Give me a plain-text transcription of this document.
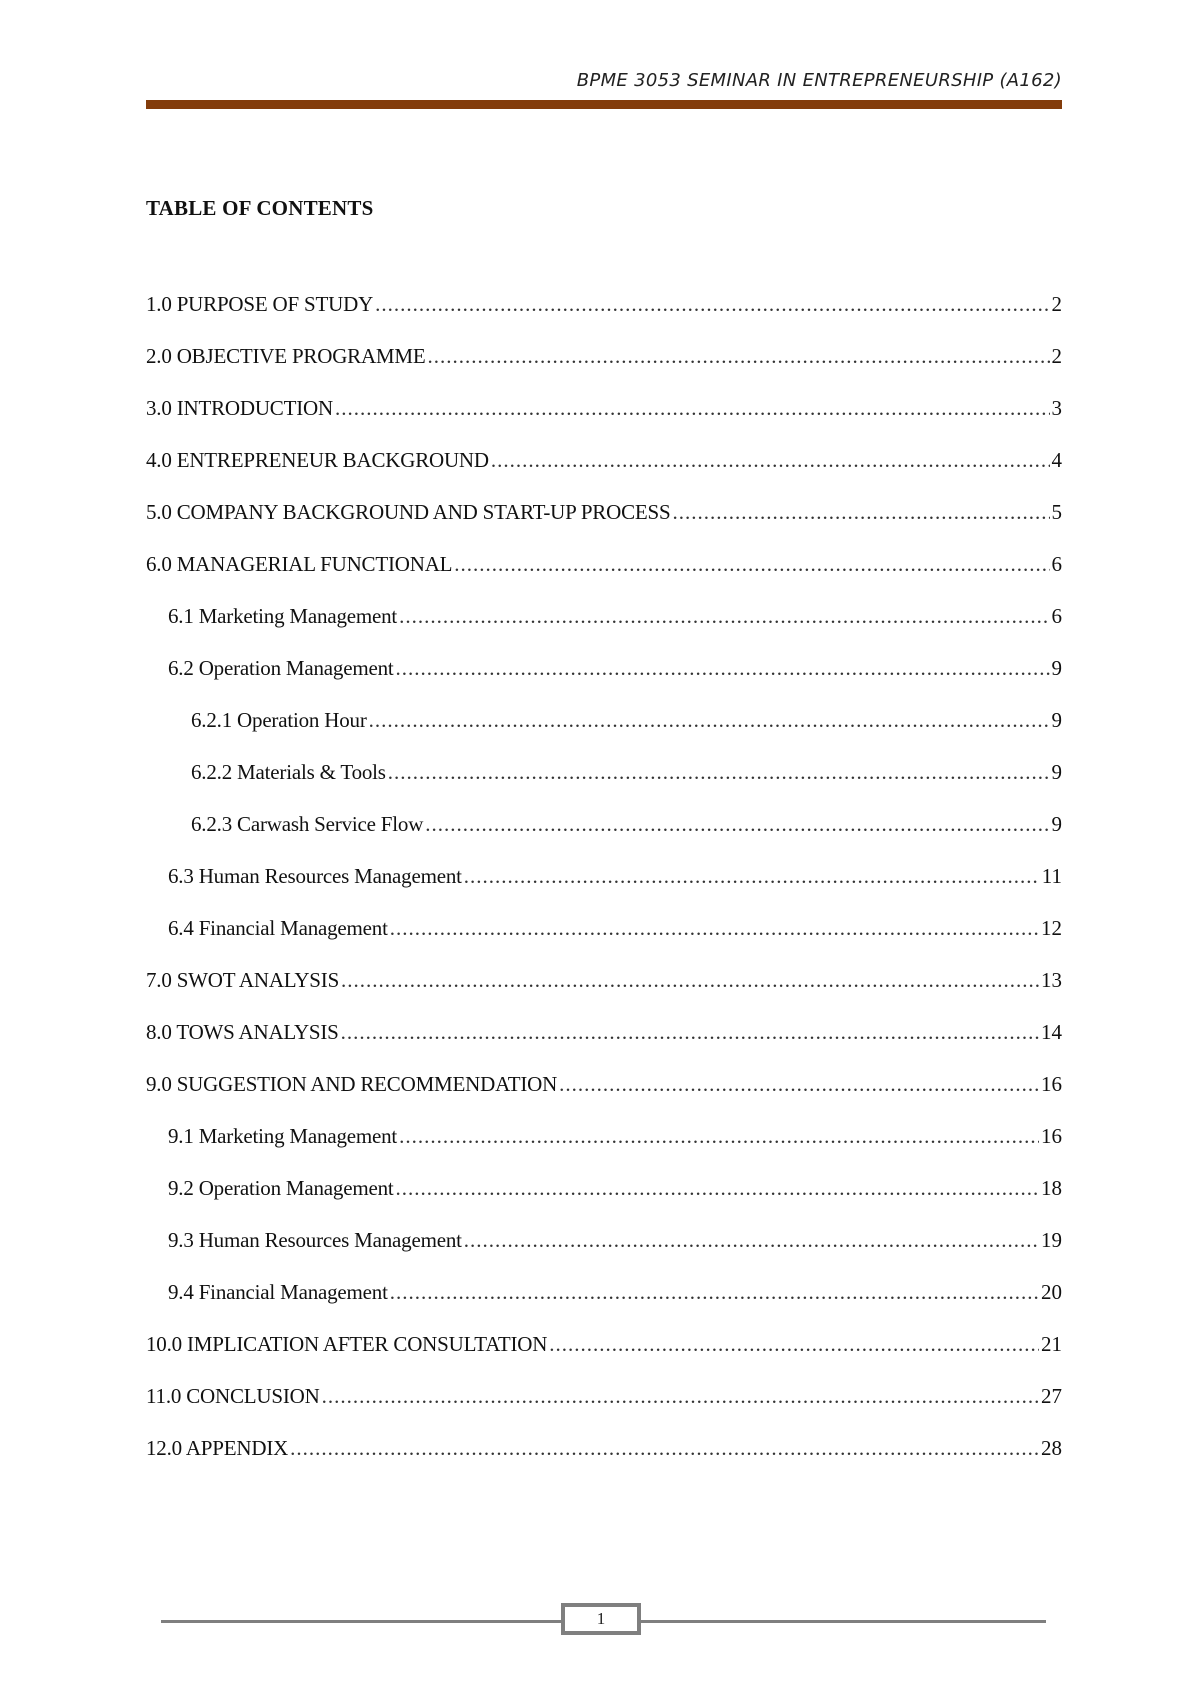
BPME 3053 SEMINAR IN ENTREPRENEURSHIP (A162)
TABLE OF CONTENTS
1.0 PURPOSE OF STUDY .....	2
2.0 OBJECTIVE PROGRAMME .....	2
3.0 INTRODUCTION .....	3
4.0 ENTREPRENEUR BACKGROUND .....	4
5.0 COMPANY BACKGROUND AND START-UP PROCESS .....	5
6.0 MANAGERIAL FUNCTIONAL .....	6
6.1 Marketing Management .....	6
6.2 Operation Management .....	9
6.2.1 Operation Hour .....	9
6.2.2 Materials & Tools .....	9
6.2.3 Carwash Service Flow .....	9
6.3 Human Resources Management .....	11
6.4 Financial Management .....	12
7.0 SWOT ANALYSIS .....	13
8.0 TOWS ANALYSIS .....	14
9.0 SUGGESTION AND RECOMMENDATION .....	16
9.1 Marketing Management .....	16
9.2 Operation Management .....	18
9.3 Human Resources Management .....	19
9.4 Financial Management .....	20
10.0 IMPLICATION AFTER CONSULTATION .....	21
11.0 CONCLUSION .....	27
12.0 APPENDIX .....	28
1
